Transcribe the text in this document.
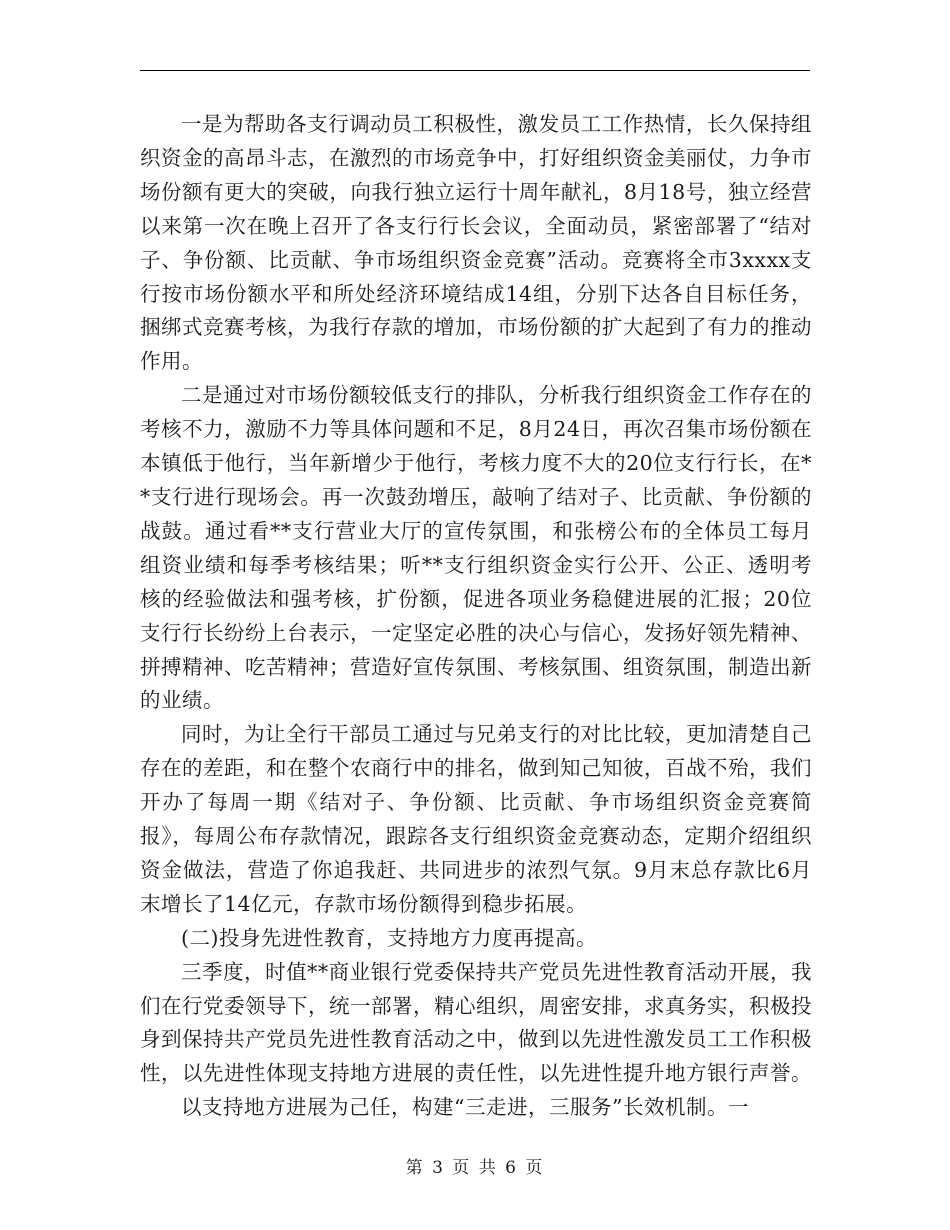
一是为帮助各支行调动员工积极性，激发员工工作热情，长久保持组织资金的高昂斗志，在激烈的市场竞争中，打好组织资金美丽仗，力争市场份额有更大的突破，向我行独立运行十周年献礼，8月18号，独立经营以来第一次在晚上召开了各支行行长会议，全面动员，紧密部署了“结对子、争份额、比贡献、争市场组织资金竞赛”活动。竞赛将全市3xxxx支行按市场份额水平和所处经济环境结成14组，分别下达各自目标任务，捆绑式竞赛考核，为我行存款的增加，市场份额的扩大起到了有力的推动作用。

二是通过对市场份额较低支行的排队，分析我行组织资金工作存在的考核不力，激励不力等具体问题和不足，8月24日，再次召集市场份额在本镇低于他行，当年新增少于他行，考核力度不大的20位支行行长，在**支行进行现场会。再一次鼓劲增压，敲响了结对子、比贡献、争份额的战鼓。通过看**支行营业大厅的宣传氛围，和张榜公布的全体员工每月组资业绩和每季考核结果；听**支行组织资金实行公开、公正、透明考核的经验做法和强考核，扩份额，促进各项业务稳健进展的汇报；20位支行行长纷纷上台表示，一定坚定必胜的决心与信心，发扬好领先精神、拼搏精神、吃苦精神；营造好宣传氛围、考核氛围、组资氛围，制造出新的业绩。

同时，为让全行干部员工通过与兄弟支行的对比比较，更加清楚自己存在的差距，和在整个农商行中的排名，做到知己知彼，百战不殆，我们开办了每周一期《结对子、争份额、比贡献、争市场组织资金竞赛简报》，每周公布存款情况，跟踪各支行组织资金竞赛动态，定期介绍组织资金做法，营造了你追我赶、共同进步的浓烈气氛。9月末总存款比6月末增长了14亿元，存款市场份额得到稳步拓展。

(二)投身先进性教育，支持地方力度再提高。

三季度，时值**商业银行党委保持共产党员先进性教育活动开展，我们在行党委领导下，统一部署，精心组织，周密安排，求真务实，积极投身到保持共产党员先进性教育活动之中，做到以先进性激发员工工作积极性，以先进性体现支持地方进展的责任性，以先进性提升地方银行声誉。

以支持地方进展为己任，构建“三走进，三服务”长效机制。一

第 3 页 共 6 页
